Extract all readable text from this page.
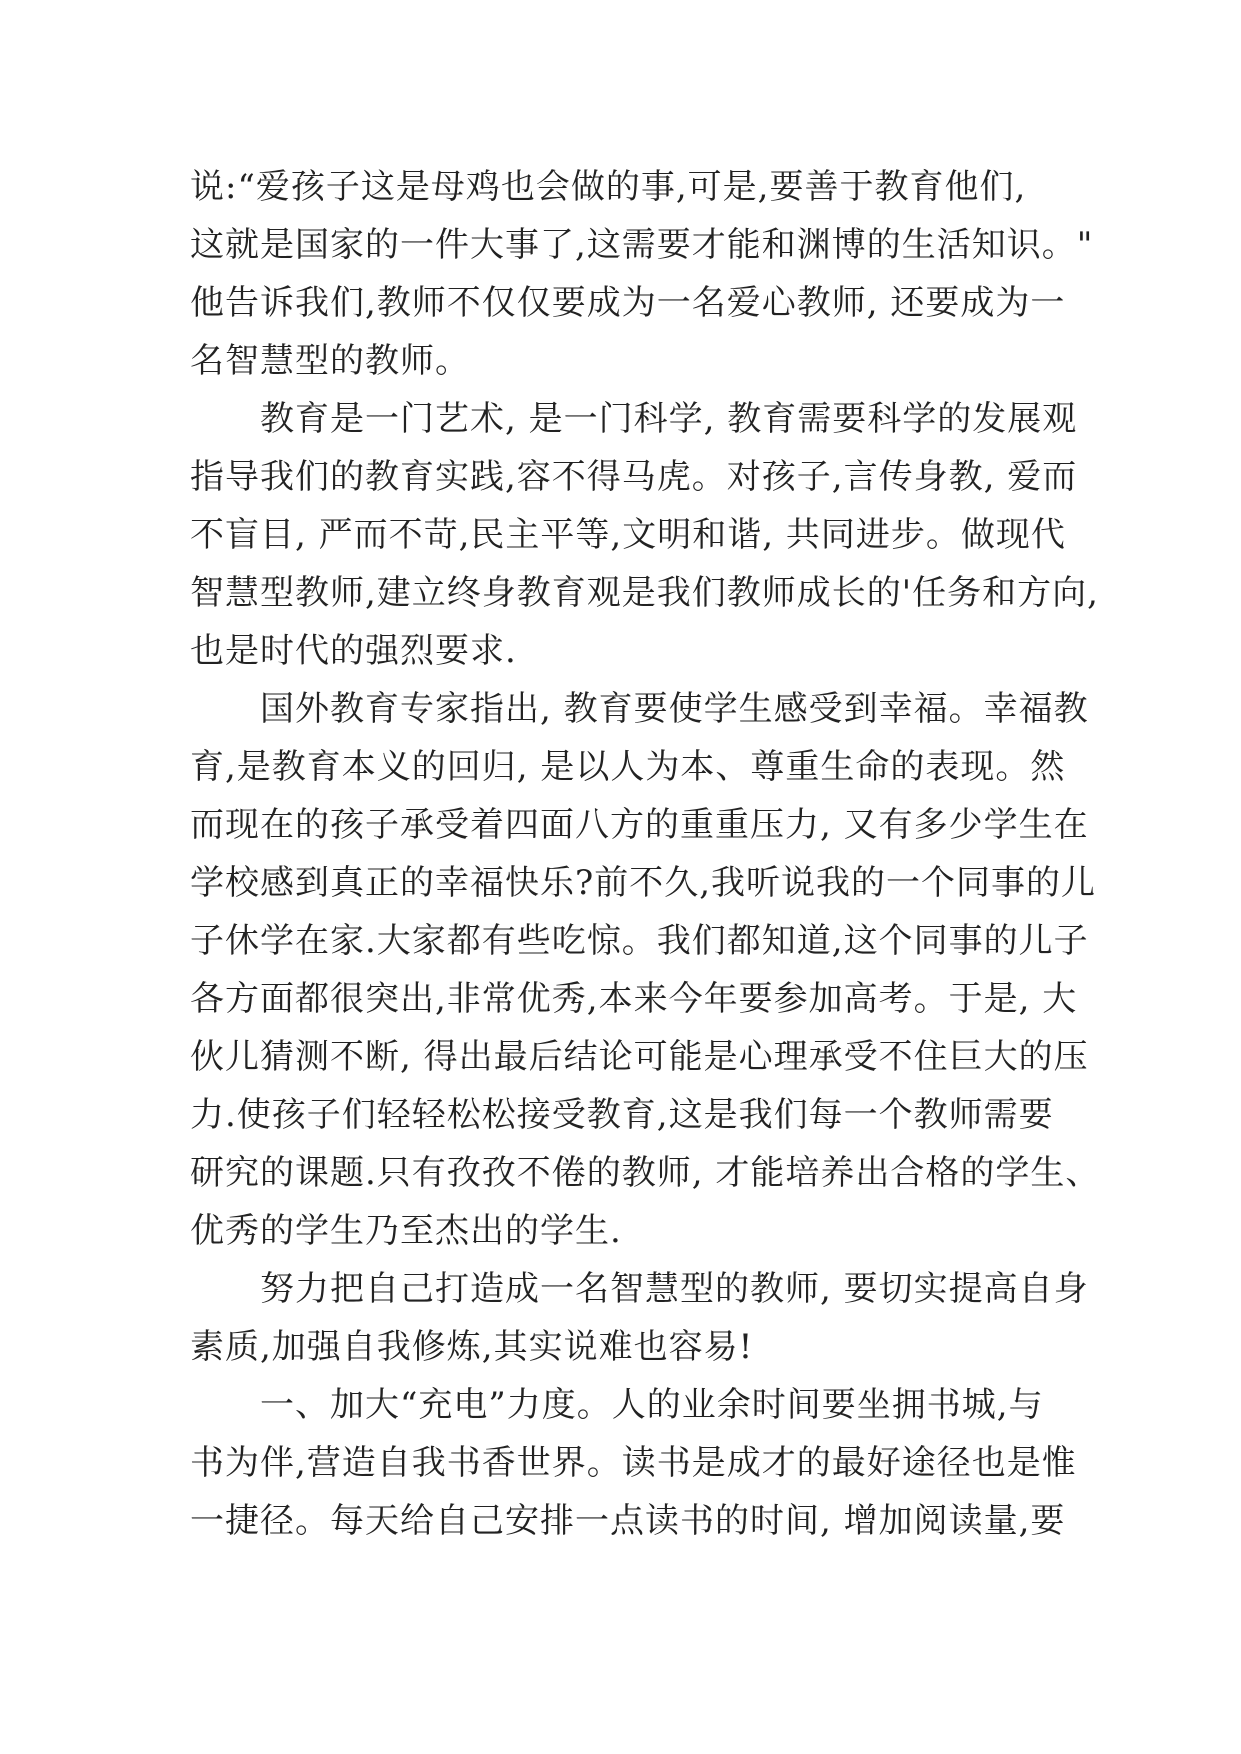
说:“爱孩子这是母鸡也会做的事,可是,要善于教育他们,
这就是国家的一件大事了,这需要才能和渊博的生活知识。"
他告诉我们,教师不仅仅要成为一名爱心教师, 还要成为一
名智慧型的教师。
　　教育是一门艺术, 是一门科学, 教育需要科学的发展观
指导我们的教育实践,容不得马虎。对孩子,言传身教, 爱而
不盲目, 严而不苛,民主平等,文明和谐, 共同进步。做现代
智慧型教师,建立终身教育观是我们教师成长的'任务和方向,
也是时代的强烈要求.
　　国外教育专家指出, 教育要使学生感受到幸福。幸福教
育,是教育本义的回归, 是以人为本、尊重生命的表现。然
而现在的孩子承受着四面八方的重重压力, 又有多少学生在
学校感到真正的幸福快乐?前不久,我听说我的一个同事的儿
子休学在家.大家都有些吃惊。我们都知道,这个同事的儿子
各方面都很突出,非常优秀,本来今年要参加高考。于是, 大
伙儿猜测不断, 得出最后结论可能是心理承受不住巨大的压
力.使孩子们轻轻松松接受教育,这是我们每一个教师需要
研究的课题.只有孜孜不倦的教师, 才能培养出合格的学生、
优秀的学生乃至杰出的学生.
　　努力把自己打造成一名智慧型的教师, 要切实提高自身
素质,加强自我修炼,其实说难也容易!
　　一、加大“充电”力度。人的业余时间要坐拥书城,与
书为伴,营造自我书香世界。读书是成才的最好途径也是惟
一捷径。每天给自己安排一点读书的时间, 增加阅读量,要
